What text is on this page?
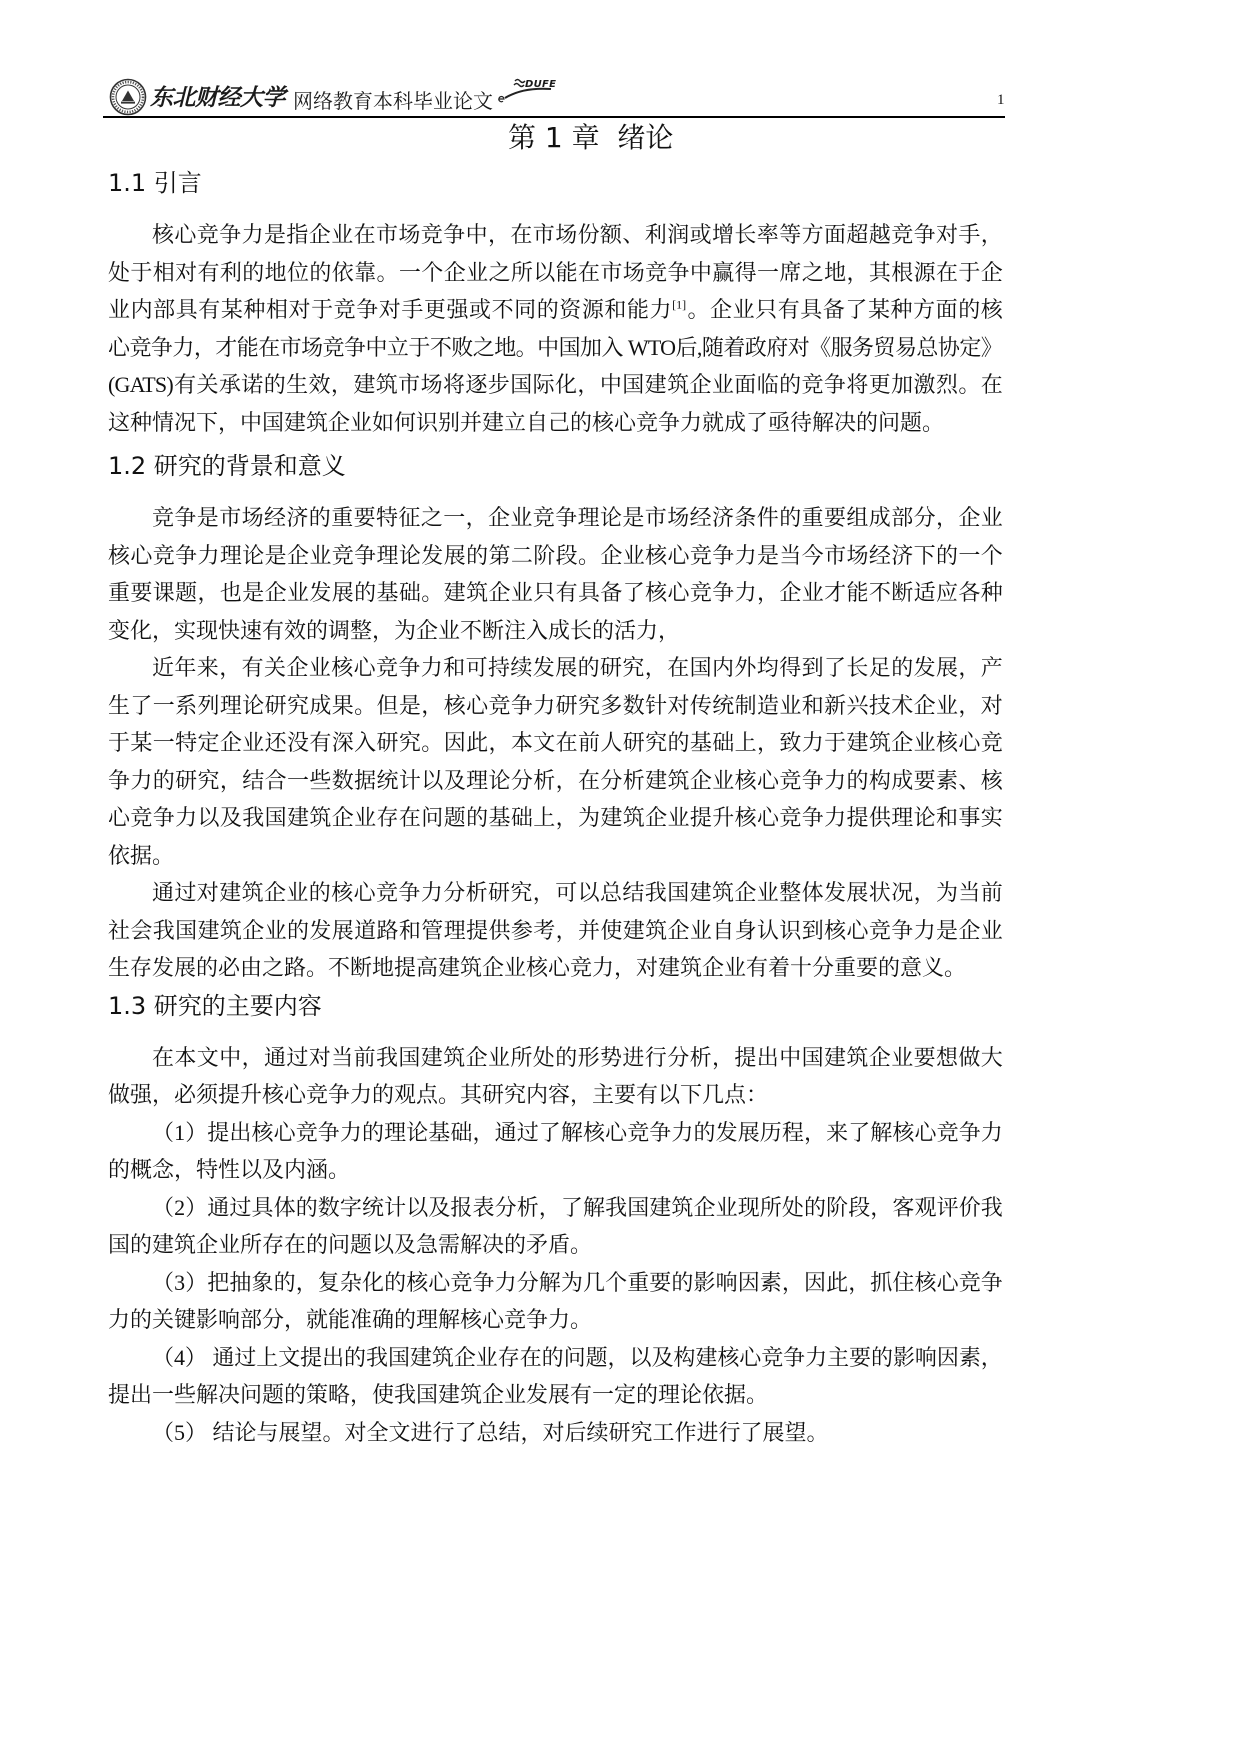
东北财经大学 网络教育本科毕业论文
DUFE
1
第 1 章  绪论
1.1 引言
核心竞争力是指企业在市场竞争中，在市场份额、利润或增长率等方面超越竞争对手，
处于相对有利的地位的依靠。一个企业之所以能在市场竞争中赢得一席之地，其根源在于企
业内部具有某种相对于竞争对手更强或不同的资源和能力[1]。企业只有具备了某种方面的核
心竞争力，才能在市场竞争中立于不败之地。中国加入 WTO后,随着政府对《服务贸易总协定》
(GATS)有关承诺的生效，建筑市场将逐步国际化，中国建筑企业面临的竞争将更加激烈。在
这种情况下，中国建筑企业如何识别并建立自己的核心竞争力就成了亟待解决的问题。
1.2 研究的背景和意义
竞争是市场经济的重要特征之一，企业竞争理论是市场经济条件的重要组成部分，企业
核心竞争力理论是企业竞争理论发展的第二阶段。企业核心竞争力是当今市场经济下的一个
重要课题，也是企业发展的基础。建筑企业只有具备了核心竞争力，企业才能不断适应各种
变化，实现快速有效的调整，为企业不断注入成长的活力，
近年来，有关企业核心竞争力和可持续发展的研究，在国内外均得到了长足的发展，产
生了一系列理论研究成果。但是，核心竞争力研究多数针对传统制造业和新兴技术企业，对
于某一特定企业还没有深入研究。因此，本文在前人研究的基础上，致力于建筑企业核心竞
争力的研究，结合一些数据统计以及理论分析，在分析建筑企业核心竞争力的构成要素、核
心竞争力以及我国建筑企业存在问题的基础上，为建筑企业提升核心竞争力提供理论和事实
依据。
通过对建筑企业的核心竞争力分析研究，可以总结我国建筑企业整体发展状况，为当前
社会我国建筑企业的发展道路和管理提供参考，并使建筑企业自身认识到核心竞争力是企业
生存发展的必由之路。不断地提高建筑企业核心竞力，对建筑企业有着十分重要的意义。
1.3 研究的主要内容
在本文中，通过对当前我国建筑企业所处的形势进行分析，提出中国建筑企业要想做大
做强，必须提升核心竞争力的观点。其研究内容，主要有以下几点：
（1）提出核心竞争力的理论基础，通过了解核心竞争力的发展历程，来了解核心竞争力
的概念，特性以及内涵。
（2）通过具体的数字统计以及报表分析，了解我国建筑企业现所处的阶段，客观评价我
国的建筑企业所存在的问题以及急需解决的矛盾。
（3）把抽象的，复杂化的核心竞争力分解为几个重要的影响因素，因此，抓住核心竞争
力的关键影响部分，就能准确的理解核心竞争力。
（4） 通过上文提出的我国建筑企业存在的问题，以及构建核心竞争力主要的影响因素，
提出一些解决问题的策略，使我国建筑企业发展有一定的理论依据。
（5） 结论与展望。对全文进行了总结，对后续研究工作进行了展望。
